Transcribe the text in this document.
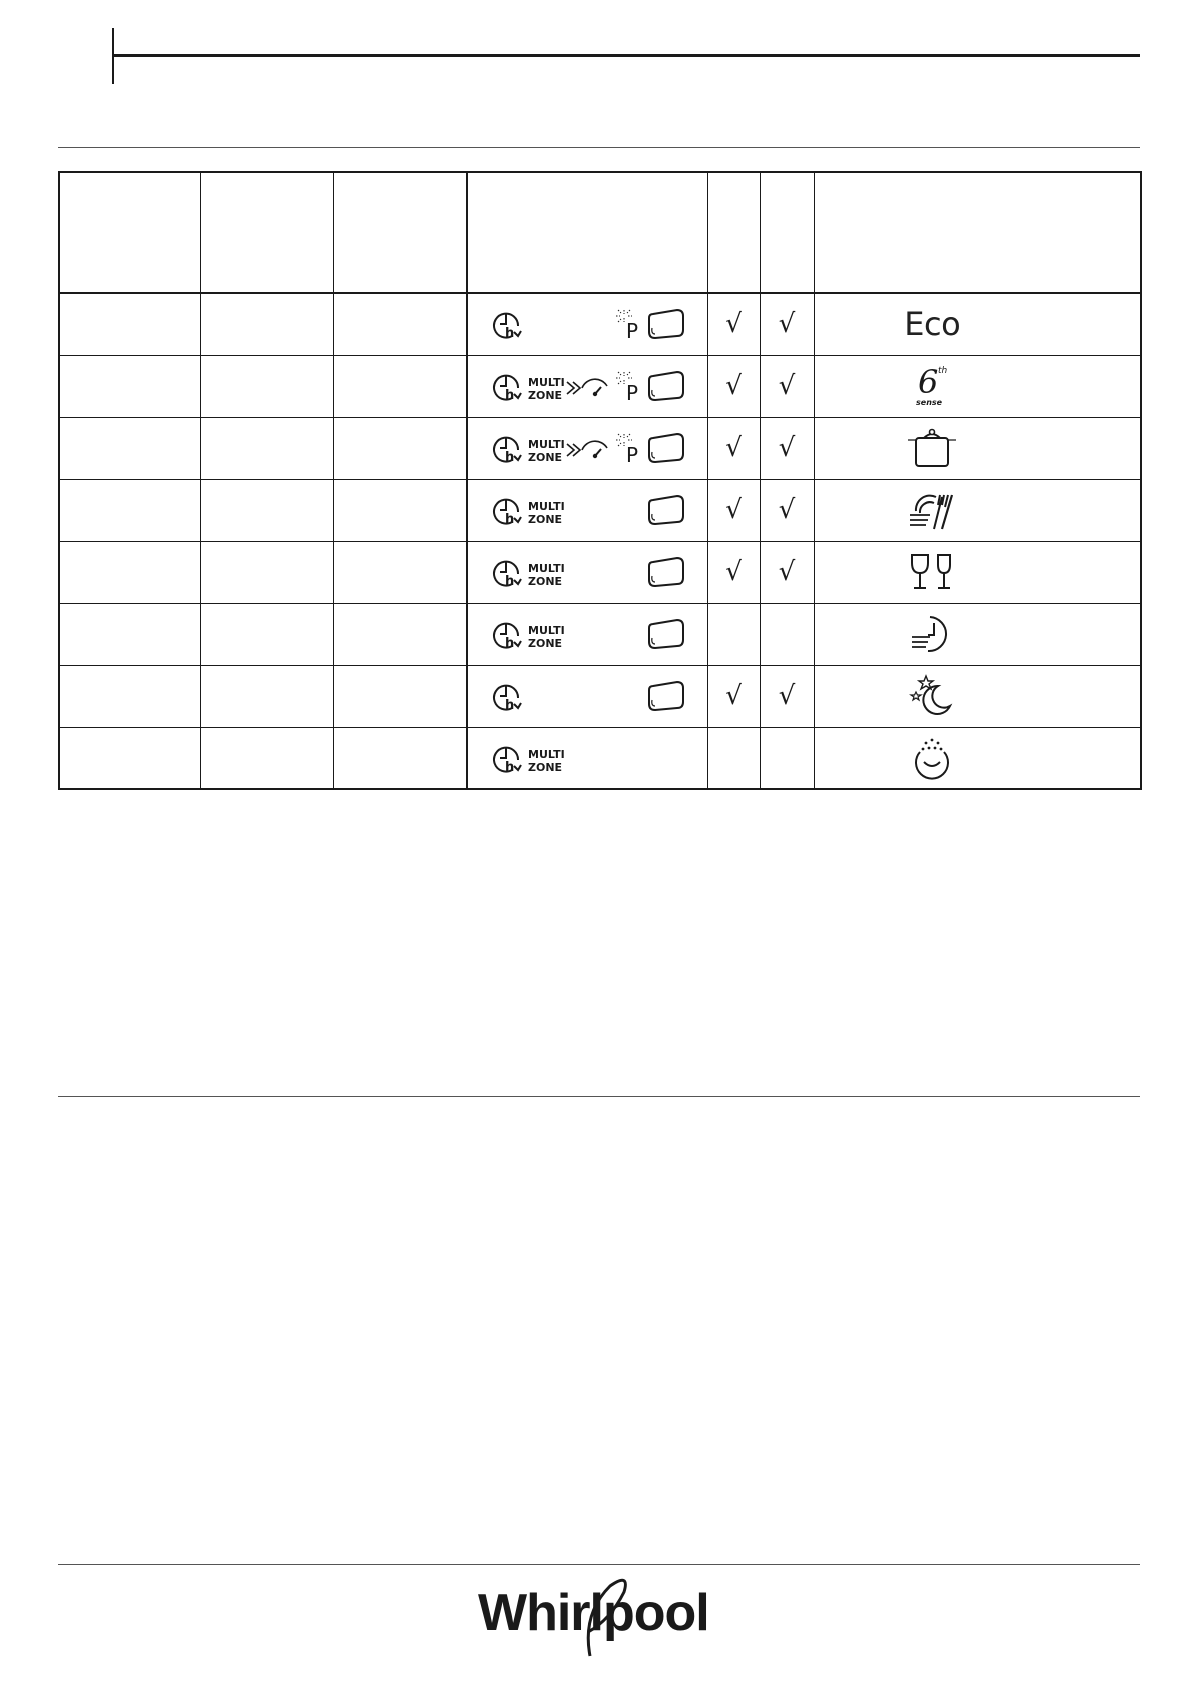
h	√	√	Eco

h
MULTI
ZONE	√	√	6 th
sense

h
MULTI
ZONE	√	√	

h
MULTI
ZONE	√	√	

h
MULTI
ZONE	√	√	

h
MULTI
ZONE

h	√	√	

h
MULTI
ZONE

Whirlpool
